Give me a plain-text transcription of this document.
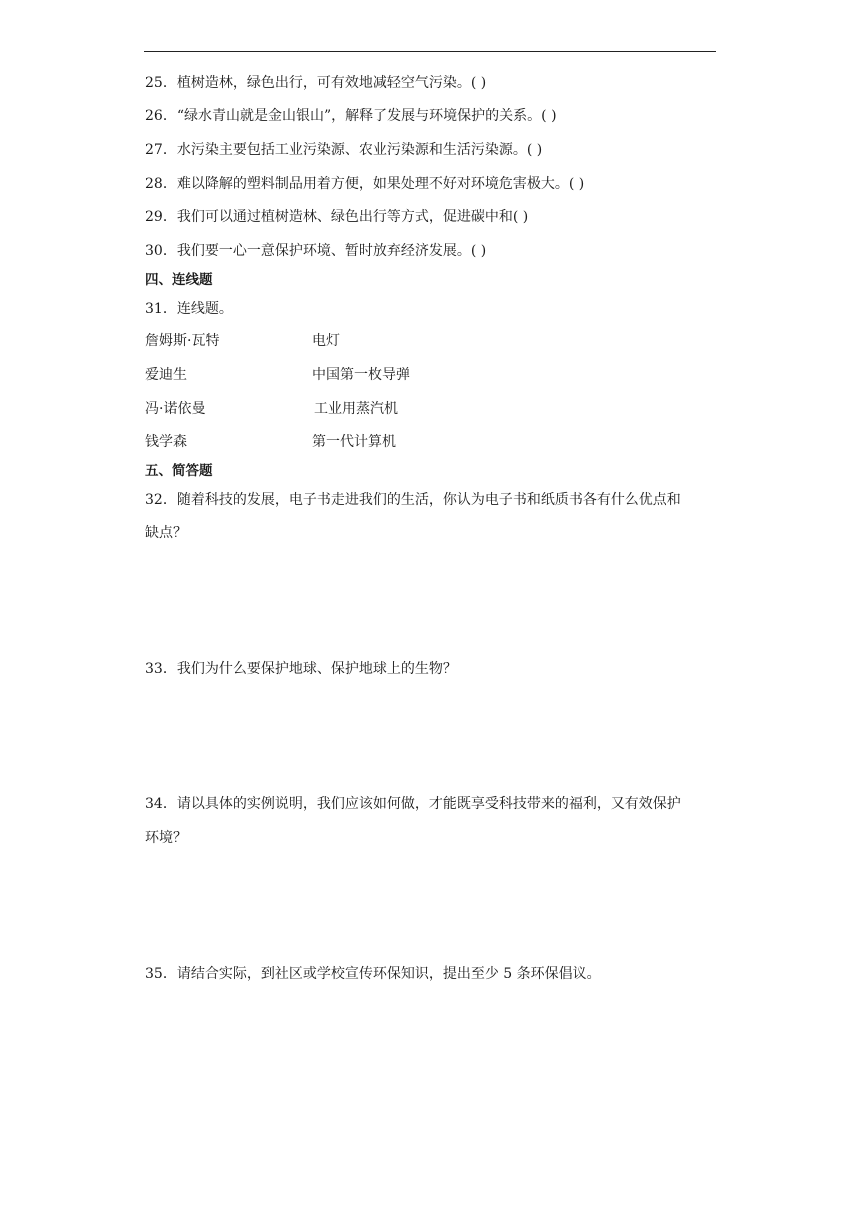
25．植树造林，绿色出行，可有效地减轻空气污染。( )
26．“绿水青山就是金山银山”，解释了发展与环境保护的关系。( )
27．水污染主要包括工业污染源、农业污染源和生活污染源。( )
28．难以降解的塑料制品用着方便，如果处理不好对环境危害极大。( )
29．我们可以通过植树造林、绿色出行等方式，促进碳中和( )
30．我们要一心一意保护环境、暂时放弃经济发展。( )
四、连线题
31．连线题。
詹姆斯·瓦特	电灯
爱迪生	中国第一枚导弹
冯·诺依曼	工业用蒸汽机
钱学森	第一代计算机
五、简答题
32．随着科技的发展，电子书走进我们的生活，你认为电子书和纸质书各有什么优点和
缺点？
33．我们为什么要保护地球、保护地球上的生物？
34．请以具体的实例说明，我们应该如何做，才能既享受科技带来的福利，又有效保护
环境？
35．请结合实际，到社区或学校宣传环保知识，提出至少 5 条环保倡议。
